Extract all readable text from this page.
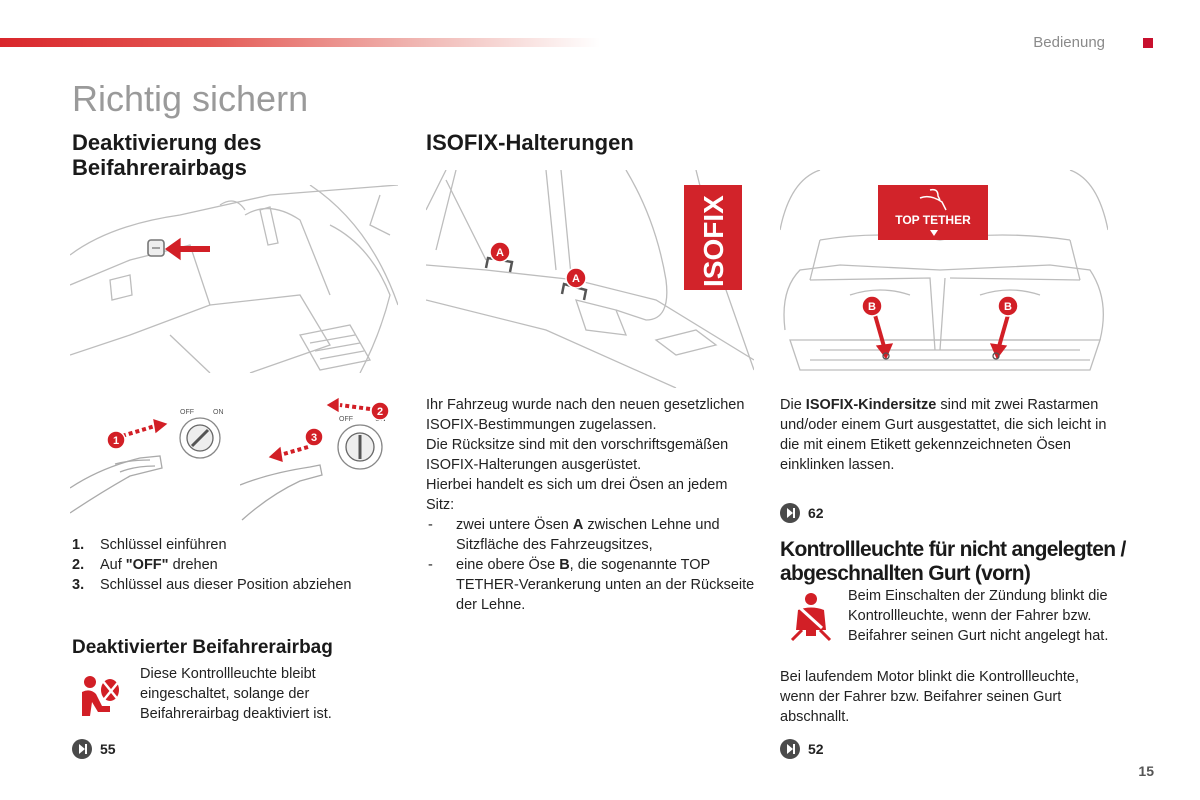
Bedienung
Richtig sichern
Deaktivierung des
Beifahrerairbags
OFF	ON
1
OFF
2
3
1.	Schlüssel einführen
2.	Auf "OFF" drehen
3.	Schlüssel aus dieser Position abziehen
Deaktivierter Beifahrerairbag
Diese Kontrollleuchte bleibt eingeschaltet, solange der Beifahrerairbag deaktiviert ist.
55
ISOFIX-Halterungen
ISOFIX
A
A
Ihr Fahrzeug wurde nach den neuen gesetzlichen ISOFIX-Bestimmungen zugelassen.
Die Rücksitze sind mit den vorschriftsgemäßen ISOFIX-Halterungen ausgerüstet.
Hierbei handelt es sich um drei Ösen an jedem Sitz:
-	zwei untere Ösen A zwischen Lehne und Sitzfläche des Fahrzeugsitzes,
-	eine obere Öse B, die sogenannte TOP TETHER-Verankerung unten an der Rückseite der Lehne.
TOP TETHER
B	B
Die ISOFIX-Kindersitze sind mit zwei Rastarmen und/oder einem Gurt ausgestattet, die sich leicht in die mit einem Etikett gekennzeichneten Ösen einklinken lassen.
62
Kontrollleuchte für nicht angelegten /
abgeschnallten Gurt (vorn)
Beim Einschalten der Zündung blinkt die Kontrollleuchte, wenn der Fahrer bzw. Beifahrer seinen Gurt nicht angelegt hat.
Bei laufendem Motor blinkt die Kontrollleuchte, wenn der Fahrer bzw. Beifahrer seinen Gurt abschnallt.
52
15
